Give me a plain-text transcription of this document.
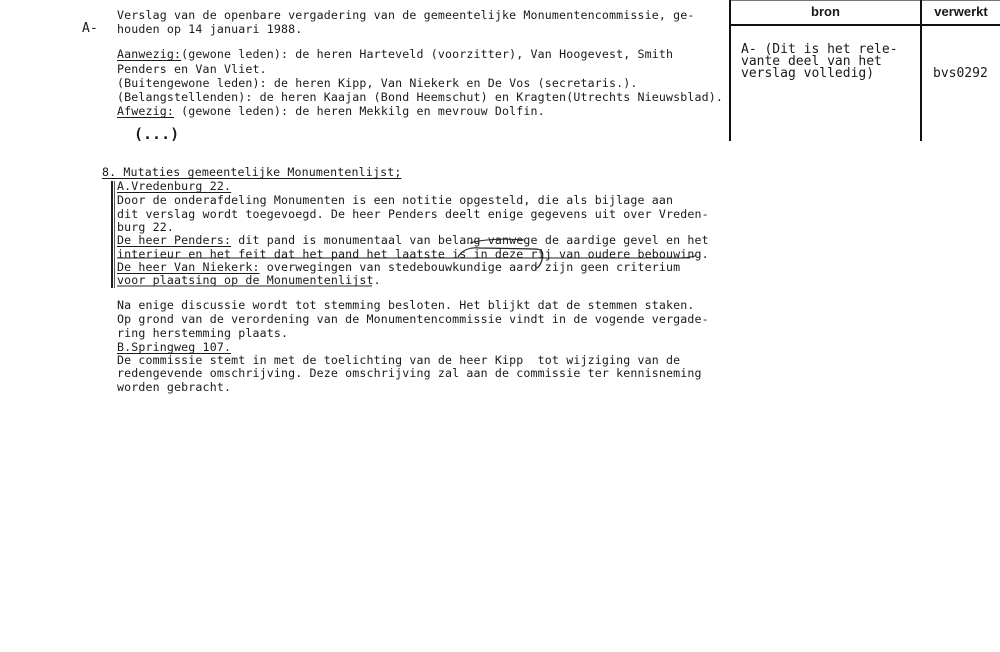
A-
Verslag van de openbare vergadering van de gemeentelijke Monumentencommissie, ge-
houden op 14 januari 1988.
Aanwezig:(gewone leden): de heren Harteveld (voorzitter), Van Hoogevest, Smith
Penders en Van Vliet.
(Buitengewone leden): de heren Kipp, Van Niekerk en De Vos (secretaris.).
(Belangstellenden): de heren Kaajan (Bond Heemschut) en Kragten(Utrechts Nieuwsblad).
Afwezig: (gewone leden): de heren Mekkilg en mevrouw Dolfin.
(...)
8. Mutaties gemeentelijke Monumentenlijst;
A.Vredenburg 22.
Door de onderafdeling Monumenten is een notitie opgesteld, die als bijlage aan
dit verslag wordt toegevoegd. De heer Penders deelt enige gegevens uit over Vreden-
burg 22.
De heer Penders: dit pand is monumentaal van belang vanwege de aardige gevel en het
interieur en het feit dat het pand het laatste is in deze rij van oudere bebouwing.
De heer Van Niekerk: overwegingen van stedebouwkundige aard zijn geen criterium
voor plaatsing op de Monumentenlijst.
Na enige discussie wordt tot stemming besloten. Het blijkt dat de stemmen staken.
Op grond van de verordening van de Monumentencommissie vindt in de vogende vergade-
ring herstemming plaats.
B.Springweg 107.
De commissie stemt in met de toelichting van de heer Kipp  tot wijziging van de
redengevende omschrijving. Deze omschrijving zal aan de commissie ter kennisneming
worden gebracht.
bron	verwerkt
A- (Dit is het rele-
vante deel van het
verslag volledig)	bvs0292
